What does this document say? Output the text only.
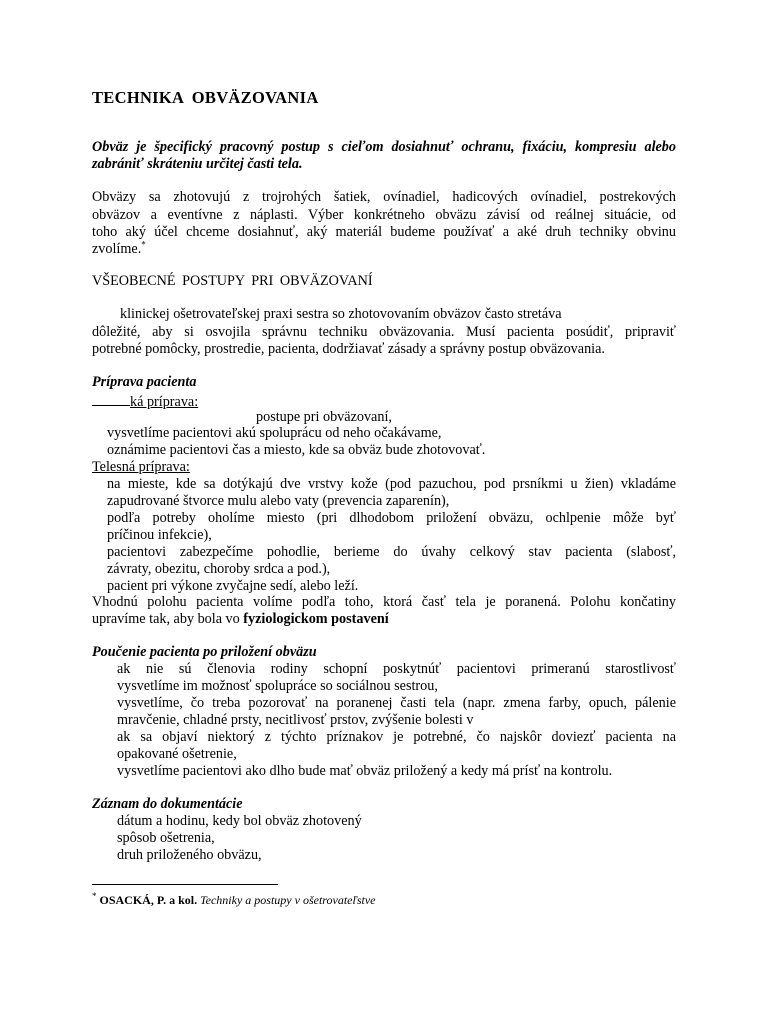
TECHNIKA OBVÄZOVANIA
Obväz je špecifický pracovný postup s cieľom dosiahnuť ochranu, fixáciu, kompresiu alebo
zabrániť skráteniu určitej časti tela.
Obväzy sa zhotovujú z trojrohých šatiek, ovínadiel, hadicových ovínadiel, postrekových
obväzov a eventívne z náplasti. Výber konkrétneho obväzu závisí od reálnej situácie, od
toho aký účel chceme dosiahnuť, aký materiál budeme používať a aké druh techniky obvinu
zvolíme.*
VŠEOBECNÉ POSTUPY PRI OBVÄZOVANÍ
klinickej ošetrovateľskej praxi sestra so zhotovovaním obväzov často stretáva
dôležité, aby si osvojila správnu techniku obväzovania. Musí pacienta posúdiť, pripraviť
potrebné pomôcky, prostredie, pacienta, dodržiavať zásady a správny postup obväzovania.
Príprava pacienta
ká príprava:
postupe pri obväzovaní,
vysvetlíme pacientovi akú spoluprácu od neho očakávame,
oznámime pacientovi čas a miesto, kde sa obväz bude zhotovovať.
Telesná príprava:
na mieste, kde sa dotýkajú dve vrstvy kože (pod pazuchou, pod prsníkmi u žien) vkladáme
zapudrované štvorce mulu alebo vaty (prevencia zaparenín),
podľa potreby oholíme miesto (pri dlhodobom priložení obväzu, ochlpenie môže byť
príčinou infekcie),
pacientovi zabezpečíme pohodlie, berieme do úvahy celkový stav pacienta (slabosť,
závraty, obezitu, choroby srdca a pod.),
pacient pri výkone zvyčajne sedí, alebo leží.
Vhodnú polohu pacienta volíme podľa toho, ktorá časť tela je poranená. Polohu končatiny
upravíme tak, aby bola vo fyziologickom postavení
Poučenie pacienta po priložení obväzu
ak nie sú členovia rodiny schopní poskytnúť pacientovi primeranú starostlivosť
vysvetlíme im možnosť spolupráce so sociálnou sestrou,
vysvetlíme, čo treba pozorovať na poranenej časti tela (napr. zmena farby, opuch, pálenie
mravčenie, chladné prsty, necitlivosť prstov, zvýšenie bolesti v
ak sa objaví niektorý z týchto príznakov je potrebné, čo najskôr doviezť pacienta na
opakované ošetrenie,
vysvetlíme pacientovi ako dlho bude mať obväz priložený a kedy má prísť na kontrolu.
Záznam do dokumentácie
dátum a hodinu, kedy bol obväz zhotovený
spôsob ošetrenia,
druh priloženého obväzu,
* OSACKÁ, P. a kol. Techniky a postupy v ošetrovateľstve
